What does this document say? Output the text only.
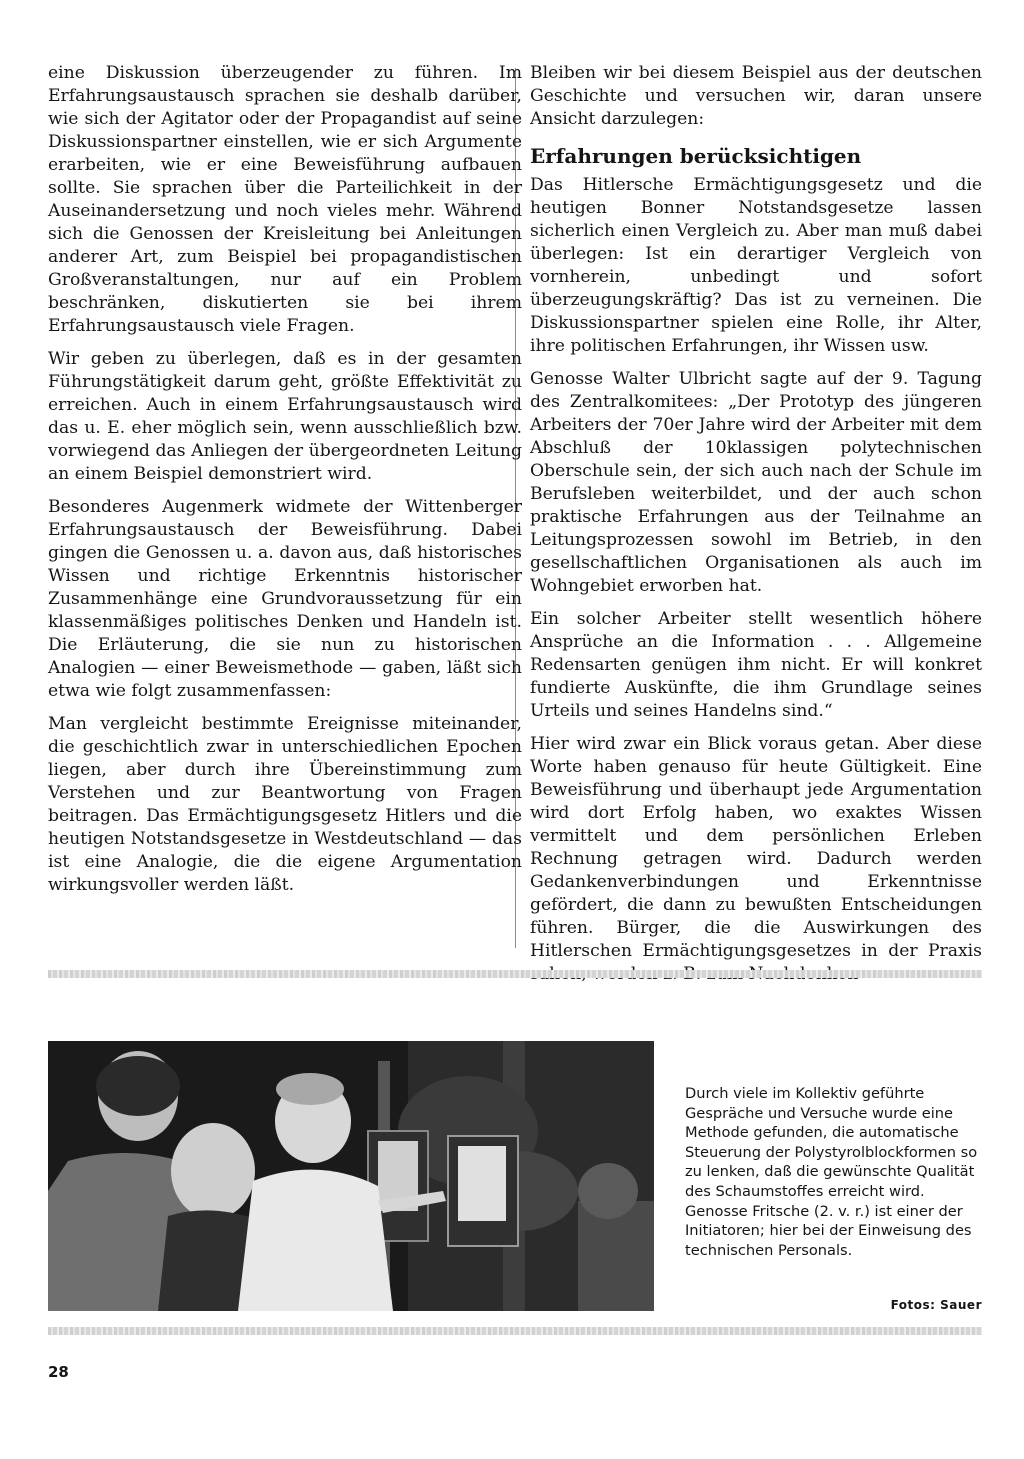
eine Diskussion überzeugender zu führen. Im Erfahrungsaustausch sprachen sie deshalb darüber, wie sich der Agitator oder der Propagandist auf seine Diskussionspartner einstellen, wie er sich Argumente erarbeiten, wie er eine Beweisführung aufbauen sollte. Sie sprachen über die Parteilichkeit in der Auseinandersetzung und noch vieles mehr. Während sich die Genossen der Kreisleitung bei Anleitungen anderer Art, zum Beispiel bei propagandistischen Großveranstaltungen, nur auf ein Problem beschränken, diskutierten sie bei ihrem Erfahrungsaustausch viele Fragen.

Wir geben zu überlegen, daß es in der gesamten Führungstätigkeit darum geht, größte Effektivität zu erreichen. Auch in einem Erfahrungsaustausch wird das u. E. eher möglich sein, wenn ausschließlich bzw. vorwiegend das Anliegen der übergeordneten Leitung an einem Beispiel demonstriert wird.

Besonderes Augenmerk widmete der Wittenberger Erfahrungsaustausch der Beweisführung. Dabei gingen die Genossen u. a. davon aus, daß historisches Wissen und richtige Erkenntnis historischer Zusammenhänge eine Grundvoraussetzung für ein klassenmäßiges politisches Denken und Handeln ist. Die Erläuterung, die sie nun zu historischen Analogien — einer Beweismethode — gaben, läßt sich etwa wie folgt zusammenfassen:

Man vergleicht bestimmte Ereignisse miteinander, die geschichtlich zwar in unterschiedlichen Epochen liegen, aber durch ihre Übereinstimmung zum Verstehen und zur Beantwortung von Fragen beitragen. Das Ermächtigungsgesetz Hitlers und die heutigen Notstandsgesetze in Westdeutschland — das ist eine Analogie, die die eigene Argumentation wirkungsvoller werden läßt.

Bleiben wir bei diesem Beispiel aus der deutschen Geschichte und versuchen wir, daran unsere Ansicht darzulegen:

Erfahrungen berücksichtigen

Das Hitlersche Ermächtigungsgesetz und die heutigen Bonner Notstandsgesetze lassen sicherlich einen Vergleich zu. Aber man muß dabei überlegen: Ist ein derartiger Vergleich von vornherein, unbedingt und sofort überzeugungskräftig? Das ist zu verneinen. Die Diskussionspartner spielen eine Rolle, ihr Alter, ihre politischen Erfahrungen, ihr Wissen usw.

Genosse Walter Ulbricht sagte auf der 9. Tagung des Zentralkomitees: „Der Prototyp des jüngeren Arbeiters der 70er Jahre wird der Arbeiter mit dem Abschluß der 10klassigen polytechnischen Oberschule sein, der sich auch nach der Schule im Berufsleben weiterbildet, und der auch schon praktische Erfahrungen aus der Teilnahme an Leitungsprozessen sowohl im Betrieb, in den gesellschaftlichen Organisationen als auch im Wohngebiet erworben hat.

Ein solcher Arbeiter stellt wesentlich höhere Ansprüche an die Information . . . Allgemeine Redensarten genügen ihm nicht. Er will konkret fundierte Auskünfte, die ihm Grundlage seines Urteils und seines Handelns sind.“

Hier wird zwar ein Blick voraus getan. Aber diese Worte haben genauso für heute Gültigkeit. Eine Beweisführung und überhaupt jede Argumentation wird dort Erfolg haben, wo exaktes Wissen vermittelt und dem persönlichen Erleben Rechnung getragen wird. Dadurch werden Gedankenverbindungen und Erkenntnisse gefördert, die dann zu bewußten Entscheidungen führen. Bürger, die die Auswirkungen des Hitlerschen Ermächtigungsgesetzes in der Praxis

Durch viele im Kollektiv geführte Gespräche und Versuche wurde eine Methode gefunden, die automatische Steuerung der Polystyrolblockformen so zu lenken, daß die gewünschte Qualität des Schaumstoffes erreicht wird.

Genosse Fritsche (2. v. r.) ist einer der Initiatoren; hier bei der Einweisung des technischen Personals.

Fotos: Sauer
28
